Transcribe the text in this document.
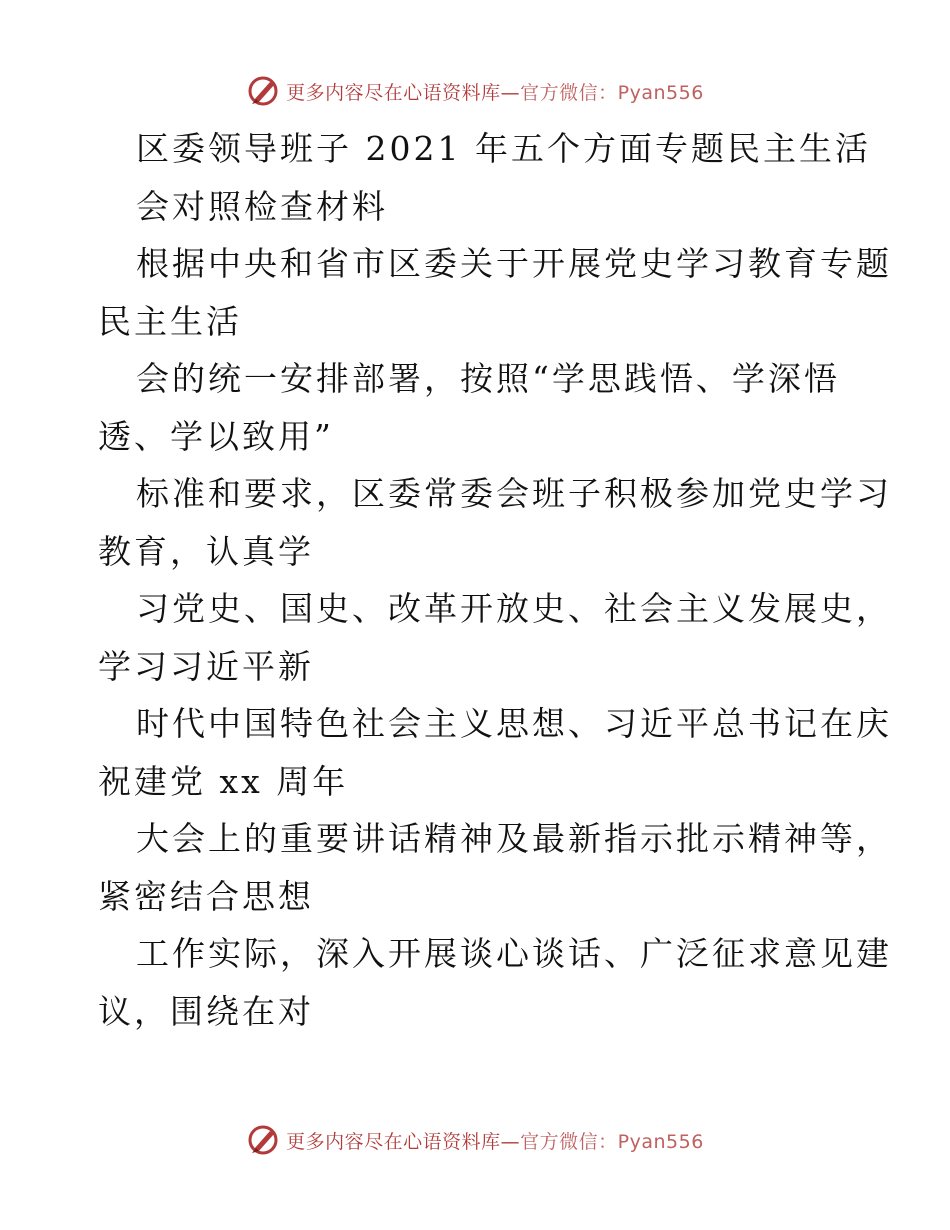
更多内容尽在心语资料库—官方微信：Pyan556
区委领导班子 2021 年五个方面专题民主生活
会对照检查材料
根据中央和省市区委关于开展党史学习教育专题
民主生活
会的统一安排部署，按照“学思践悟、学深悟
透、学以致用”
标准和要求，区委常委会班子积极参加党史学习
教育，认真学
习党史、国史、改革开放史、社会主义发展史，
学习习近平新
时代中国特色社会主义思想、习近平总书记在庆
祝建党 xx 周年
大会上的重要讲话精神及最新指示批示精神等，
紧密结合思想
工作实际，深入开展谈心谈话、广泛征求意见建
议，围绕在对
更多内容尽在心语资料库—官方微信：Pyan556
